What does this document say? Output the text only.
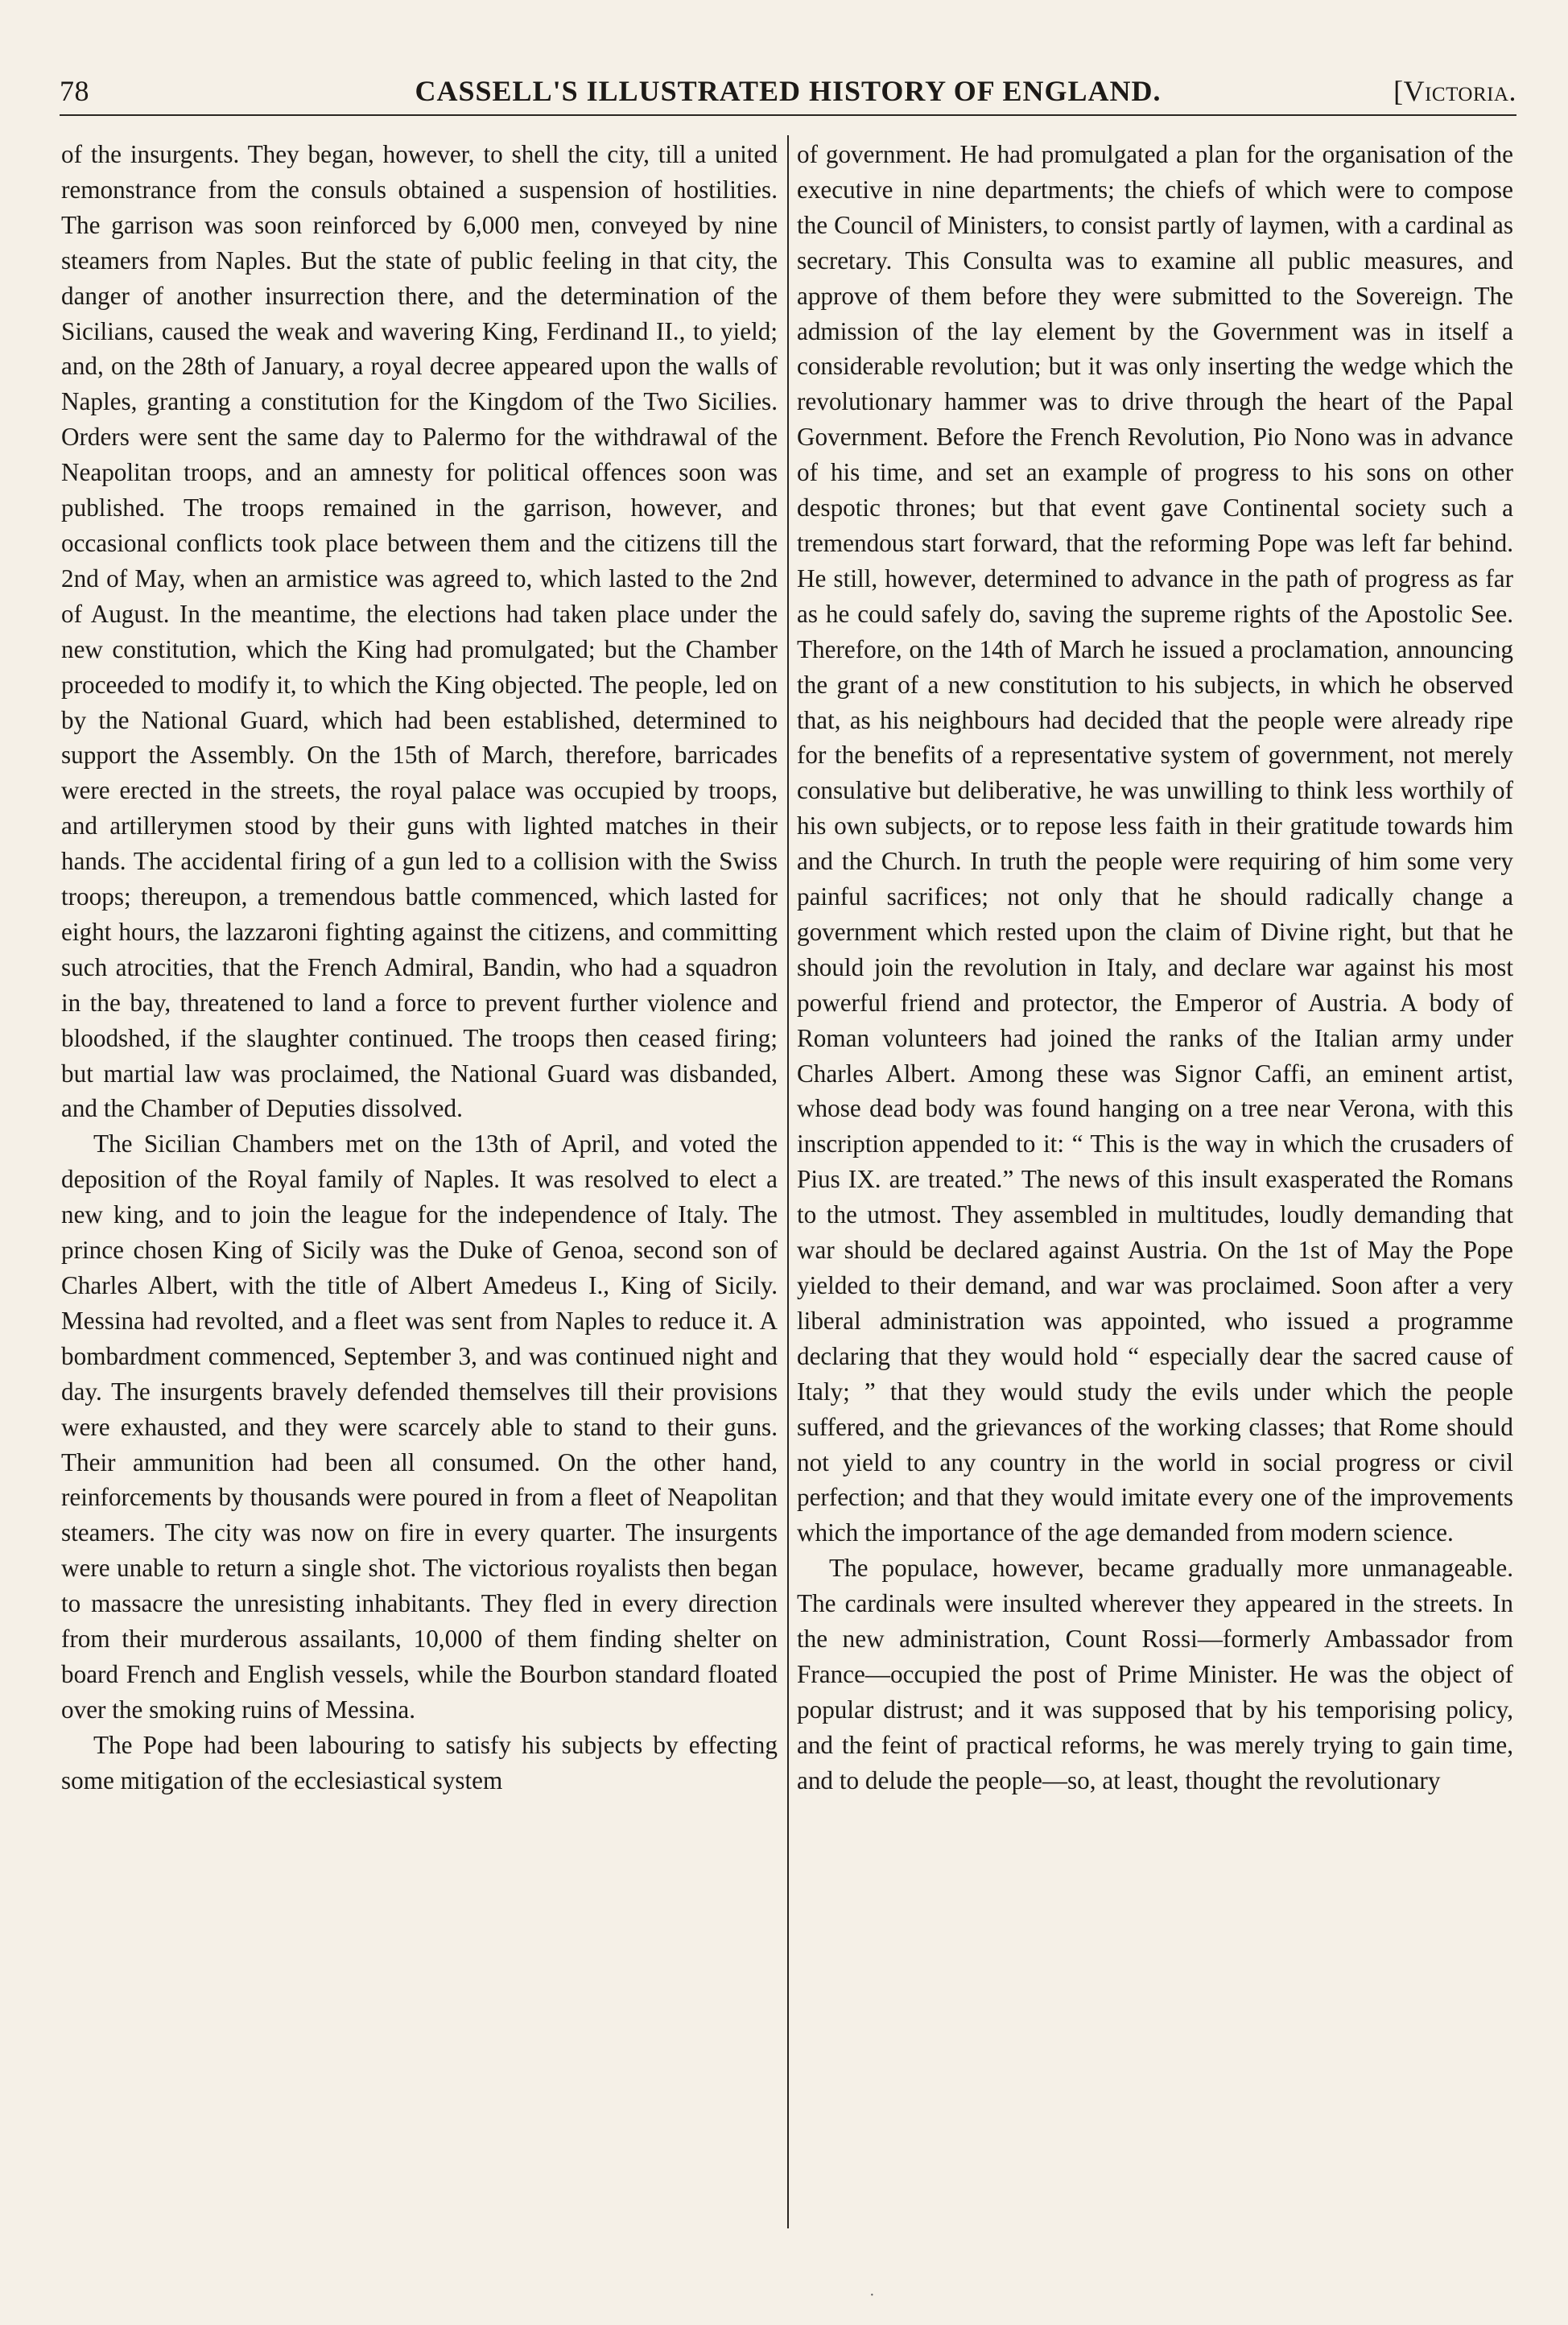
78	CASSELL'S ILLUSTRATED HISTORY OF ENGLAND.	[Victoria.

of the insurgents. They began, however, to shell the city, till a united remonstrance from the consuls obtained a suspension of hostilities. The garrison was soon reinforced by 6,000 men, conveyed by nine steamers from Naples. But the state of public feeling in that city, the danger of another insurrection there, and the determination of the Sicilians, caused the weak and wavering King, Ferdinand II., to yield; and, on the 28th of January, a royal decree appeared upon the walls of Naples, granting a constitution for the Kingdom of the Two Sicilies. Orders were sent the same day to Palermo for the withdrawal of the Neapolitan troops, and an amnesty for political offences soon was published. The troops remained in the garrison, however, and occasional conflicts took place between them and the citizens till the 2nd of May, when an armistice was agreed to, which lasted to the 2nd of August. In the meantime, the elections had taken place under the new constitution, which the King had promulgated; but the Chamber proceeded to modify it, to which the King objected. The people, led on by the National Guard, which had been established, determined to support the Assembly. On the 15th of March, therefore, barricades were erected in the streets, the royal palace was occupied by troops, and artillerymen stood by their guns with lighted matches in their hands. The accidental firing of a gun led to a collision with the Swiss troops; thereupon, a tremendous battle commenced, which lasted for eight hours, the lazzaroni fighting against the citizens, and committing such atrocities, that the French Admiral, Bandin, who had a squadron in the bay, threatened to land a force to prevent further violence and bloodshed, if the slaughter continued. The troops then ceased firing; but martial law was proclaimed, the National Guard was disbanded, and the Chamber of Deputies dissolved.

The Sicilian Chambers met on the 13th of April, and voted the deposition of the Royal family of Naples. It was resolved to elect a new king, and to join the league for the independence of Italy. The prince chosen King of Sicily was the Duke of Genoa, second son of Charles Albert, with the title of Albert Amedeus I., King of Sicily. Messina had revolted, and a fleet was sent from Naples to reduce it. A bombardment commenced, September 3, and was continued night and day. The insurgents bravely defended themselves till their provisions were exhausted, and they were scarcely able to stand to their guns. Their ammunition had been all consumed. On the other hand, reinforcements by thousands were poured in from a fleet of Neapolitan steamers. The city was now on fire in every quarter. The insurgents were unable to return a single shot. The victorious royalists then began to massacre the unresisting inhabitants. They fled in every direction from their murderous assailants, 10,000 of them finding shelter on board French and English vessels, while the Bourbon standard floated over the smoking ruins of Messina.

The Pope had been labouring to satisfy his subjects by effecting some mitigation of the ecclesiastical system

of government. He had promulgated a plan for the organisation of the executive in nine departments; the chiefs of which were to compose the Council of Ministers, to consist partly of laymen, with a cardinal as secretary. This Consulta was to examine all public measures, and approve of them before they were submitted to the Sovereign. The admission of the lay element by the Government was in itself a considerable revolution; but it was only inserting the wedge which the revolutionary hammer was to drive through the heart of the Papal Government. Before the French Revolution, Pio Nono was in advance of his time, and set an example of progress to his sons on other despotic thrones; but that event gave Continental society such a tremendous start forward, that the reforming Pope was left far behind. He still, however, determined to advance in the path of progress as far as he could safely do, saving the supreme rights of the Apostolic See. Therefore, on the 14th of March he issued a proclamation, announcing the grant of a new constitution to his subjects, in which he observed that, as his neighbours had decided that the people were already ripe for the benefits of a representative system of government, not merely consulative but deliberative, he was unwilling to think less worthily of his own subjects, or to repose less faith in their gratitude towards him and the Church. In truth the people were requiring of him some very painful sacrifices; not only that he should radically change a government which rested upon the claim of Divine right, but that he should join the revolution in Italy, and declare war against his most powerful friend and protector, the Emperor of Austria. A body of Roman volunteers had joined the ranks of the Italian army under Charles Albert. Among these was Signor Caffi, an eminent artist, whose dead body was found hanging on a tree near Verona, with this inscription appended to it: “ This is the way in which the crusaders of Pius IX. are treated.” The news of this insult exasperated the Romans to the utmost. They assembled in multitudes, loudly demanding that war should be declared against Austria. On the 1st of May the Pope yielded to their demand, and war was proclaimed. Soon after a very liberal administration was appointed, who issued a programme declaring that they would hold “ especially dear the sacred cause of Italy; ” that they would study the evils under which the people suffered, and the grievances of the working classes; that Rome should not yield to any country in the world in social progress or civil perfection; and that they would imitate every one of the improvements which the importance of the age demanded from modern science.

The populace, however, became gradually more unmanageable. The cardinals were insulted wherever they appeared in the streets. In the new administration, Count Rossi—formerly Ambassador from France—occupied the post of Prime Minister. He was the object of popular distrust; and it was supposed that by his temporising policy, and the feint of practical reforms, he was merely trying to gain time, and to delude the people—so, at least, thought the revolutionary

·
